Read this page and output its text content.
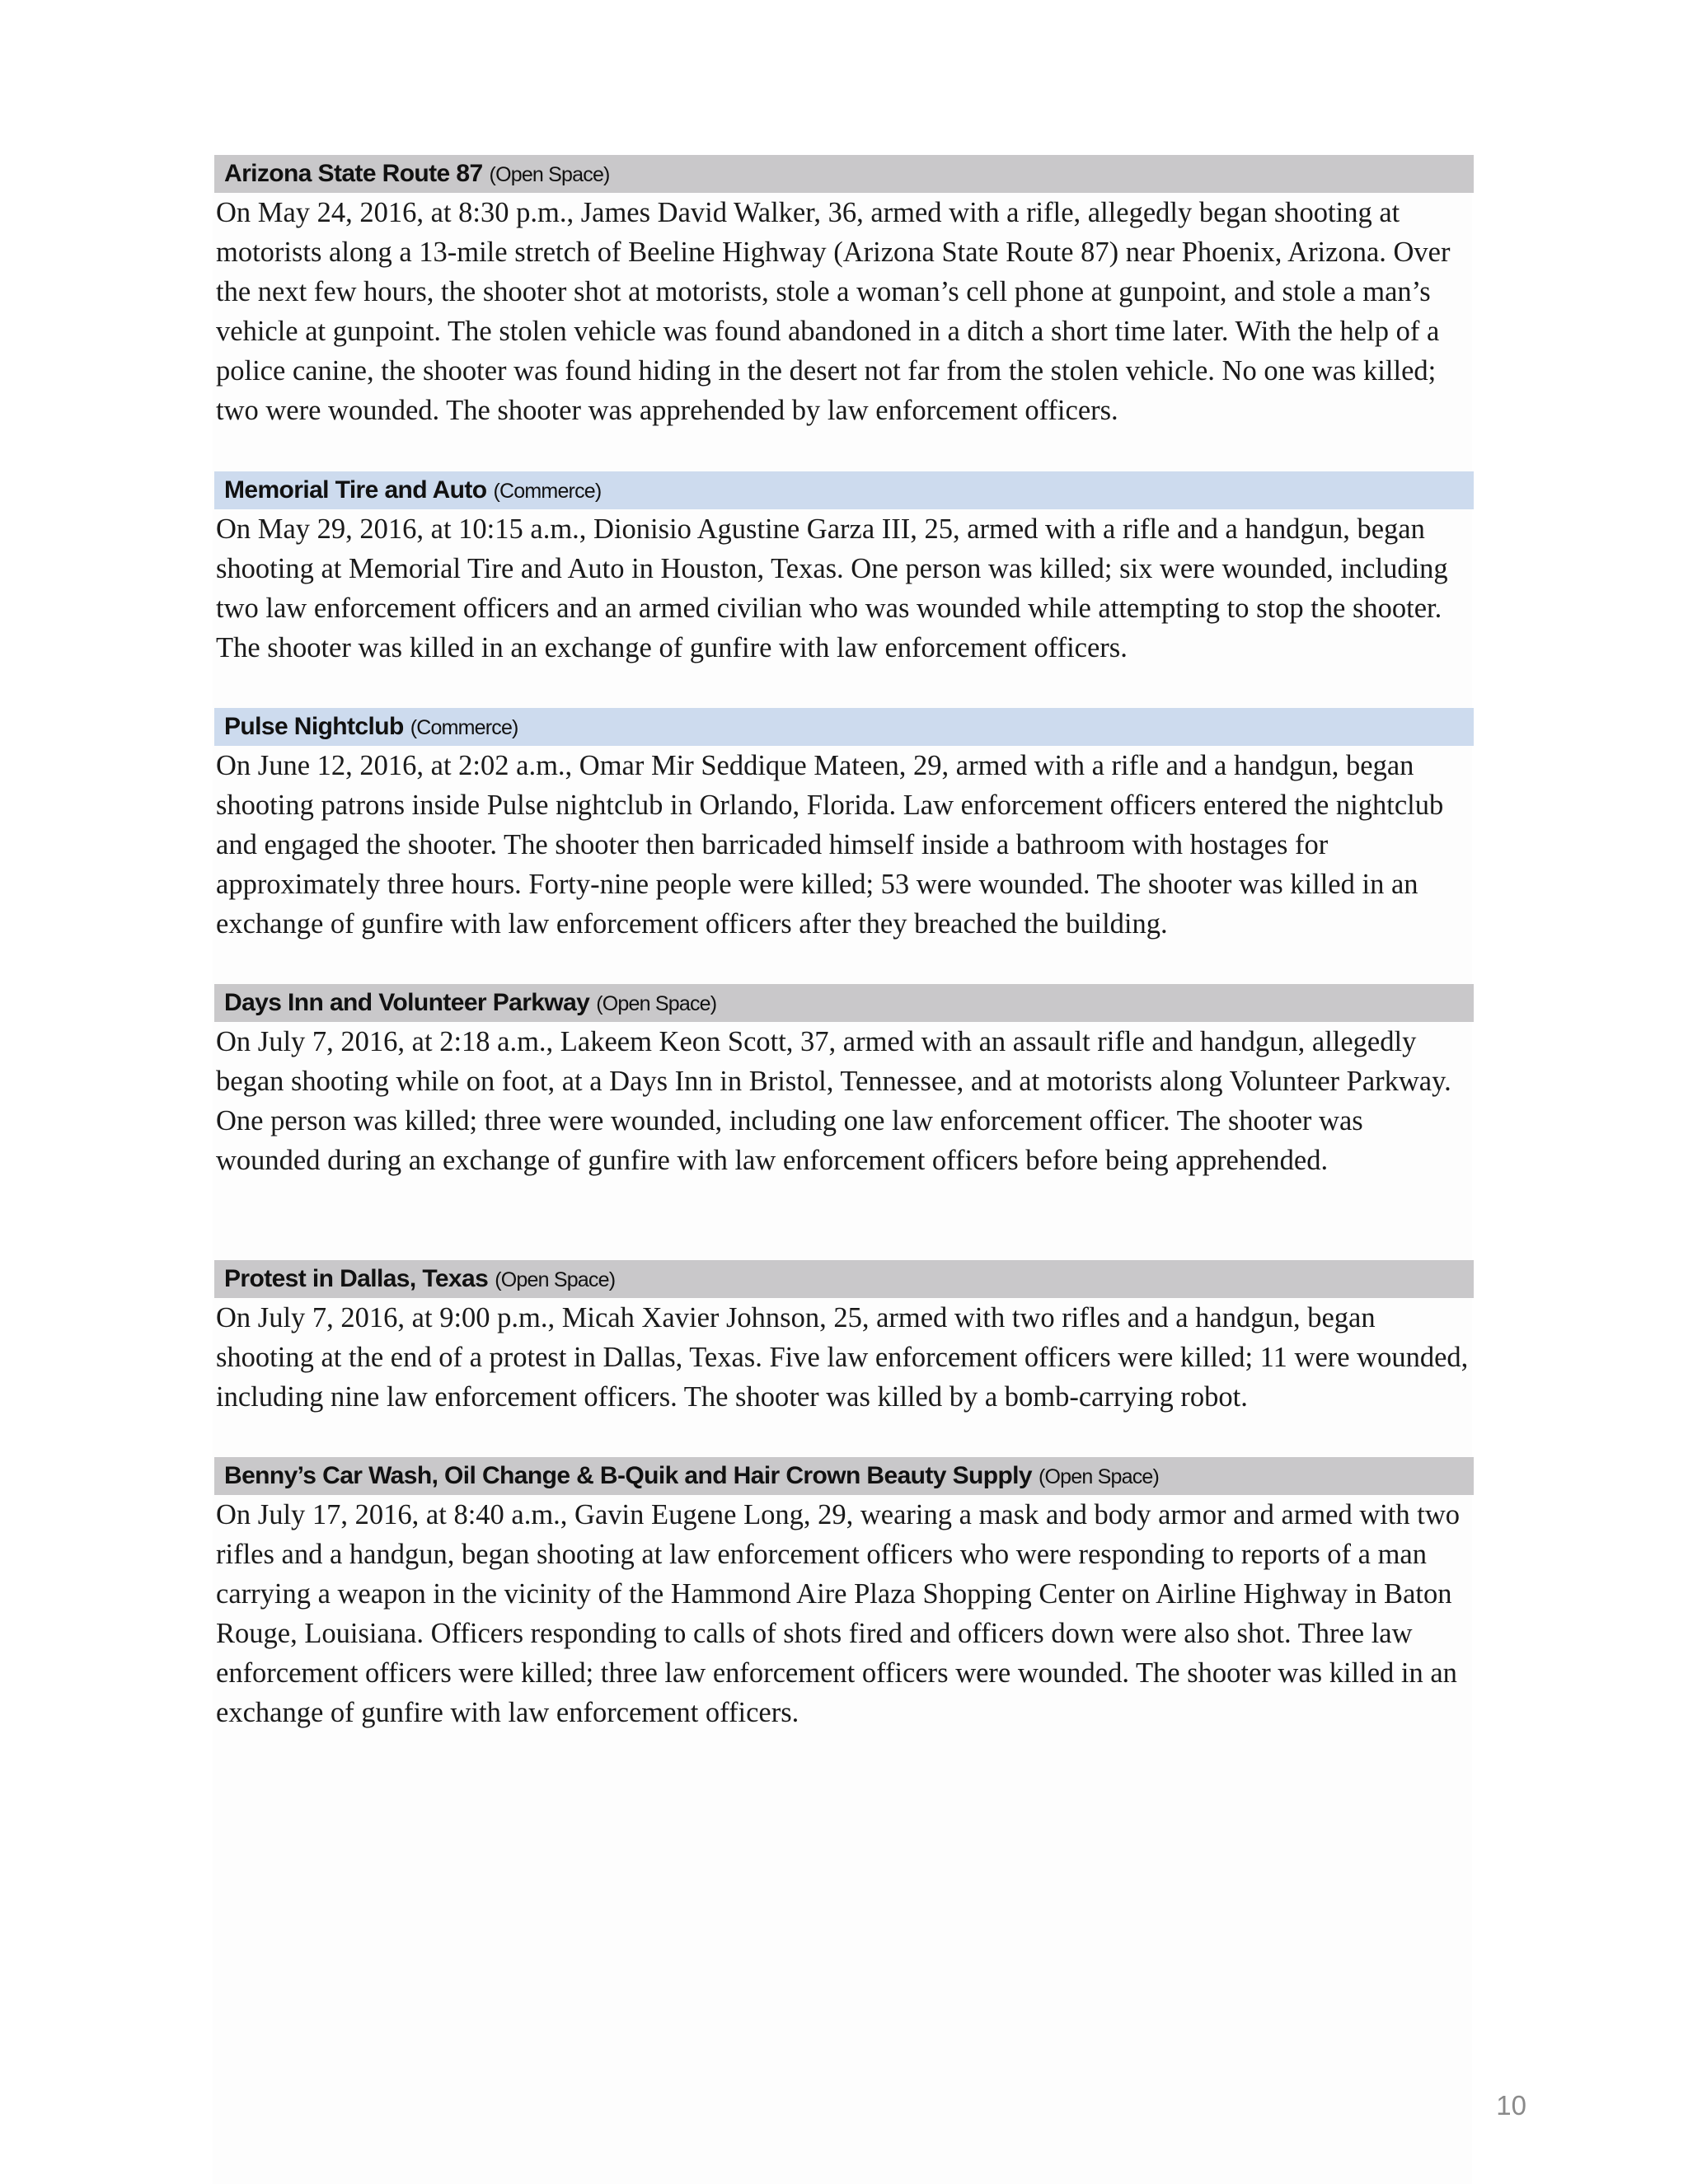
Arizona State Route 87 (Open Space)

On May 24, 2016, at 8:30 p.m., James David Walker, 36, armed with a rifle, allegedly began shooting at motorists along a 13-mile stretch of Beeline Highway (Arizona State Route 87) near Phoenix, Arizona. Over the next few hours, the shooter shot at motorists, stole a woman’s cell phone at gunpoint, and stole a man’s vehicle at gunpoint. The stolen vehicle was found abandoned in a ditch a short time later. With the help of a police canine, the shooter was found hiding in the desert not far from the stolen vehicle. No one was killed; two were wounded. The shooter was apprehended by law enforcement officers.

Memorial Tire and Auto (Commerce)

On May 29, 2016, at 10:15 a.m., Dionisio Agustine Garza III, 25, armed with a rifle and a handgun, began shooting at Memorial Tire and Auto in Houston, Texas. One person was killed; six were wounded, including two law enforcement officers and an armed civilian who was wounded while attempting to stop the shooter. The shooter was killed in an exchange of gunfire with law enforcement officers.

Pulse Nightclub (Commerce)

On June 12, 2016, at 2:02 a.m., Omar Mir Seddique Mateen, 29, armed with a rifle and a handgun, began shooting patrons inside Pulse nightclub in Orlando, Florida. Law enforcement officers entered the nightclub and engaged the shooter. The shooter then barricaded himself inside a bathroom with hostages for approximately three hours. Forty-nine people were killed; 53 were wounded. The shooter was killed in an exchange of gunfire with law enforcement officers after they breached the building.

Days Inn and Volunteer Parkway (Open Space)

On July 7, 2016, at 2:18 a.m., Lakeem Keon Scott, 37, armed with an assault rifle and handgun, allegedly began shooting while on foot, at a Days Inn in Bristol, Tennessee, and at motorists along Volunteer Parkway. One person was killed; three were wounded, including one law enforcement officer. The shooter was wounded during an exchange of gunfire with law enforcement officers before being apprehended.

Protest in Dallas, Texas (Open Space)

On July 7, 2016, at 9:00 p.m., Micah Xavier Johnson, 25, armed with two rifles and a handgun, began shooting at the end of a protest in Dallas, Texas. Five law enforcement officers were killed; 11 were wounded, including nine law enforcement officers. The shooter was killed by a bomb-carrying robot.

Benny’s Car Wash, Oil Change & B-Quik and Hair Crown Beauty Supply (Open Space)

On July 17, 2016, at 8:40 a.m., Gavin Eugene Long, 29, wearing a mask and body armor and armed with two rifles and a handgun, began shooting at law enforcement officers who were responding to reports of a man carrying a weapon in the vicinity of the Hammond Aire Plaza Shopping Center on Airline Highway in Baton Rouge, Louisiana. Officers responding to calls of shots fired and officers down were also shot. Three law enforcement officers were killed; three law enforcement officers were wounded. The shooter was killed in an exchange of gunfire with law enforcement officers.

10
